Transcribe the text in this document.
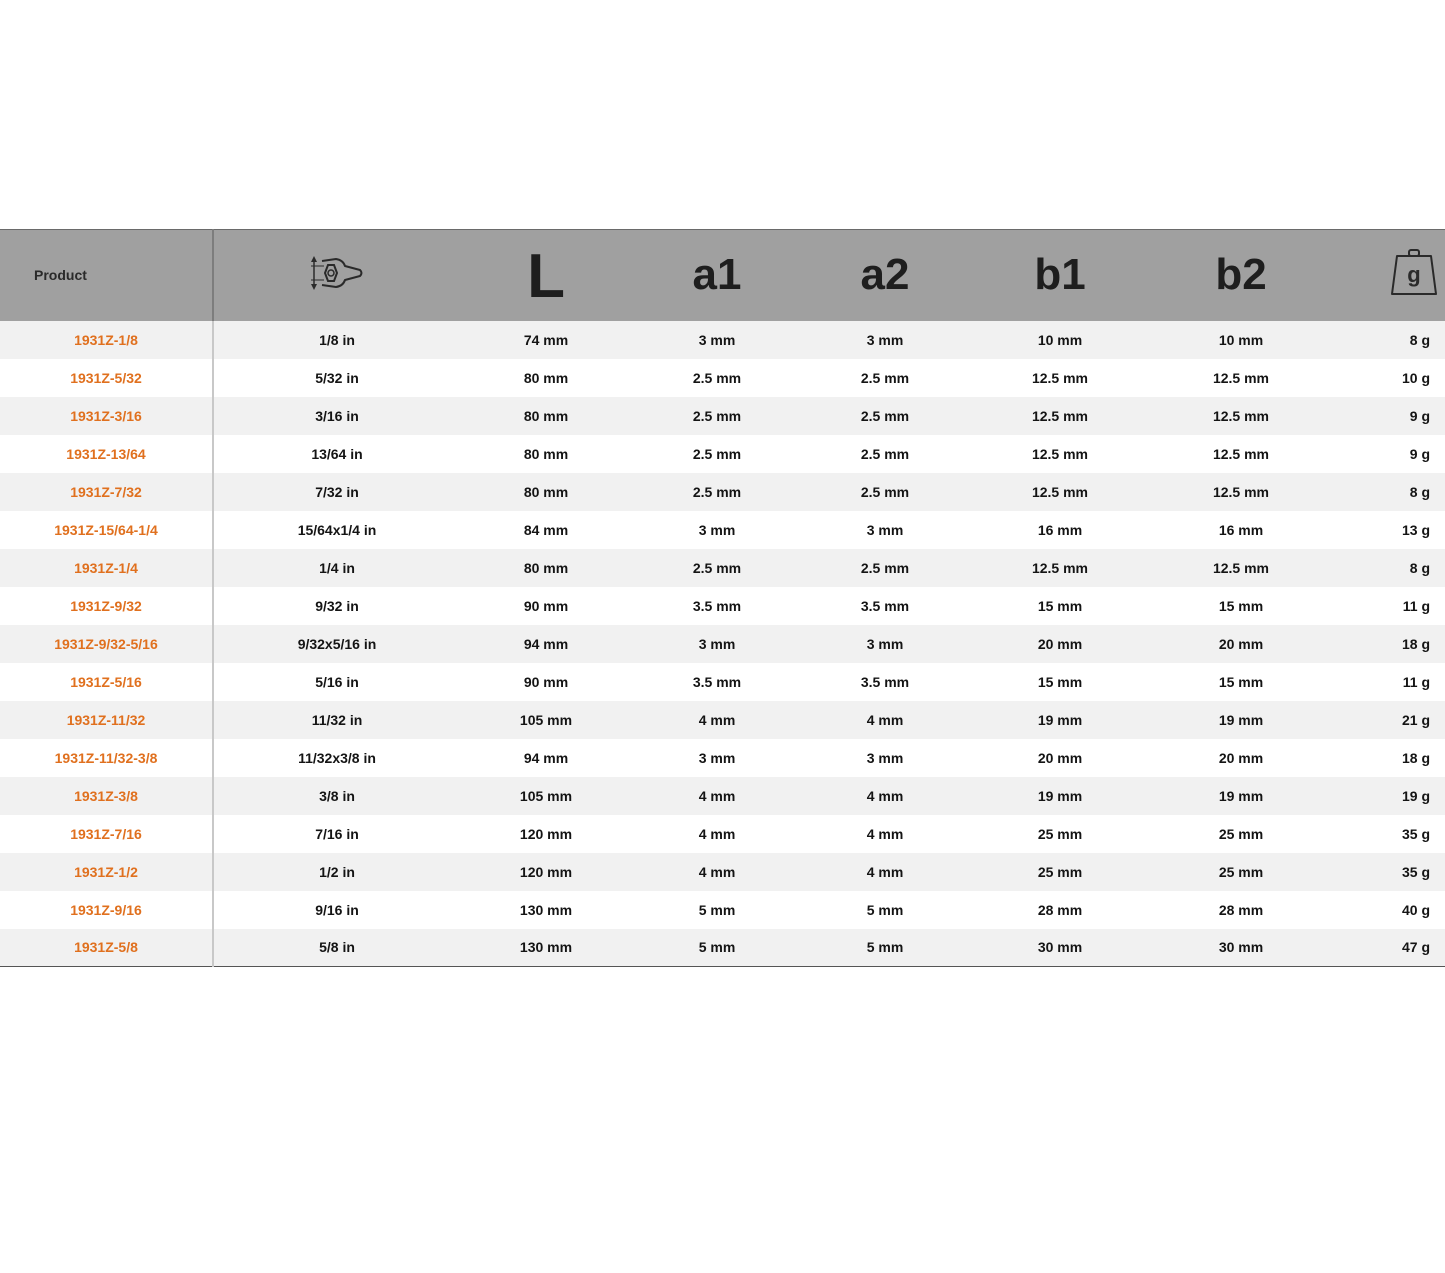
Product		L	a1	a2	b1	b2	g

1931Z-1/8	1/8 in	74 mm	3 mm	3 mm	10 mm	10 mm	8 g
1931Z-5/32	5/32 in	80 mm	2.5 mm	2.5 mm	12.5 mm	12.5 mm	10 g
1931Z-3/16	3/16 in	80 mm	2.5 mm	2.5 mm	12.5 mm	12.5 mm	9 g
1931Z-13/64	13/64 in	80 mm	2.5 mm	2.5 mm	12.5 mm	12.5 mm	9 g
1931Z-7/32	7/32 in	80 mm	2.5 mm	2.5 mm	12.5 mm	12.5 mm	8 g
1931Z-15/64-1/4	15/64x1/4 in	84 mm	3 mm	3 mm	16 mm	16 mm	13 g
1931Z-1/4	1/4 in	80 mm	2.5 mm	2.5 mm	12.5 mm	12.5 mm	8 g
1931Z-9/32	9/32 in	90 mm	3.5 mm	3.5 mm	15 mm	15 mm	11 g
1931Z-9/32-5/16	9/32x5/16 in	94 mm	3 mm	3 mm	20 mm	20 mm	18 g
1931Z-5/16	5/16 in	90 mm	3.5 mm	3.5 mm	15 mm	15 mm	11 g
1931Z-11/32	11/32 in	105 mm	4 mm	4 mm	19 mm	19 mm	21 g
1931Z-11/32-3/8	11/32x3/8 in	94 mm	3 mm	3 mm	20 mm	20 mm	18 g
1931Z-3/8	3/8 in	105 mm	4 mm	4 mm	19 mm	19 mm	19 g
1931Z-7/16	7/16 in	120 mm	4 mm	4 mm	25 mm	25 mm	35 g
1931Z-1/2	1/2 in	120 mm	4 mm	4 mm	25 mm	25 mm	35 g
1931Z-9/16	9/16 in	130 mm	5 mm	5 mm	28 mm	28 mm	40 g
1931Z-5/8	5/8 in	130 mm	5 mm	5 mm	30 mm	30 mm	47 g
